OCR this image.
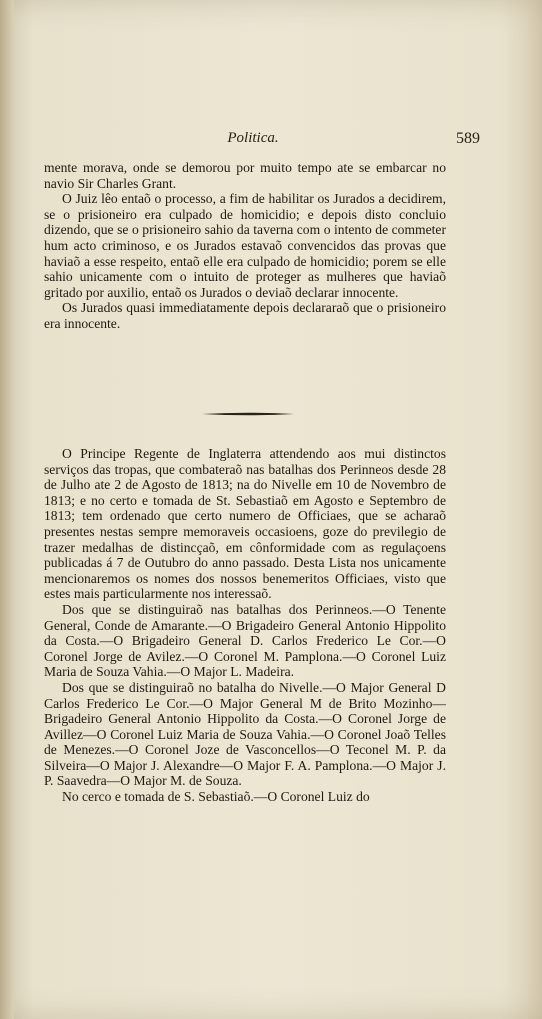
Politica.	589

mente morava, onde se demorou por muito tempo ate se embarcar no navio Sir Charles Grant.

O Juiz lêo entaõ o processo, a fim de habilitar os Jurados a decidirem, se o prisioneiro era culpado de homicidio; e depois disto concluio dizendo, que se o prisioneiro sahio da taverna com o intento de commeter hum acto criminoso, e os Jurados estavaõ convencidos das provas que haviaõ a esse respeito, entaõ elle era culpado de homicidio; porem se elle sahio unicamente com o intuito de proteger as mulheres que haviaõ gritado por auxilio, entaõ os Jurados o deviaõ declarar innocente.

Os Jurados quasi immediatamente depois declararaõ que o prisioneiro era innocente.

O Principe Regente de Inglaterra attendendo aos mui distinctos serviços das tropas, que combateraõ nas batalhas dos Perinneos desde 28 de Julho ate 2 de Agosto de 1813; na do Nivelle em 10 de Novembro de 1813; e no certo e tomada de St. Sebastiaõ em Agosto e Septembro de 1813; tem ordenado que certo numero de Officiaes, que se acharaõ presentes nestas sempre memoraveis occasioens, goze do previlegio de trazer medalhas de distincçaõ, em cônformidade com as regulaçoens publicadas á 7 de Outubro do anno passado. Desta Lista nos unicamente mencionaremos os nomes dos nossos benemeritos Officiaes, visto que estes mais particularmente nos interessaõ.

Dos que se distinguiraõ nas batalhas dos Perinneos.—O Tenente General, Conde de Amarante.—O Brigadeiro General Antonio Hippolito da Costa.—O Brigadeiro General D. Carlos Frederico Le Cor.—O Coronel Jorge de Avilez.—O Coronel M. Pamplona.—O Coronel Luiz Maria de Souza Vahia.—O Major L. Madeira.

Dos que se distinguiraõ no batalha do Nivelle.—O Major General D Carlos Frederico Le Cor.—O Major General M de Brito Mozinho—Brigadeiro General Antonio Hippolito da Costa.—O Coronel Jorge de Avillez—O Coronel Luiz Maria de Souza Vahia.—O Coronel Joaõ Telles de Menezes.—O Coronel Joze de Vasconcellos—O Teconel M. P. da Silveira—O Major J. Alexandre—O Major F. A. Pamplona.—O Major J. P. Saavedra—O Major M. de Souza.

No cerco e tomada de S. Sebastiaõ.—O Coronel Luiz do
